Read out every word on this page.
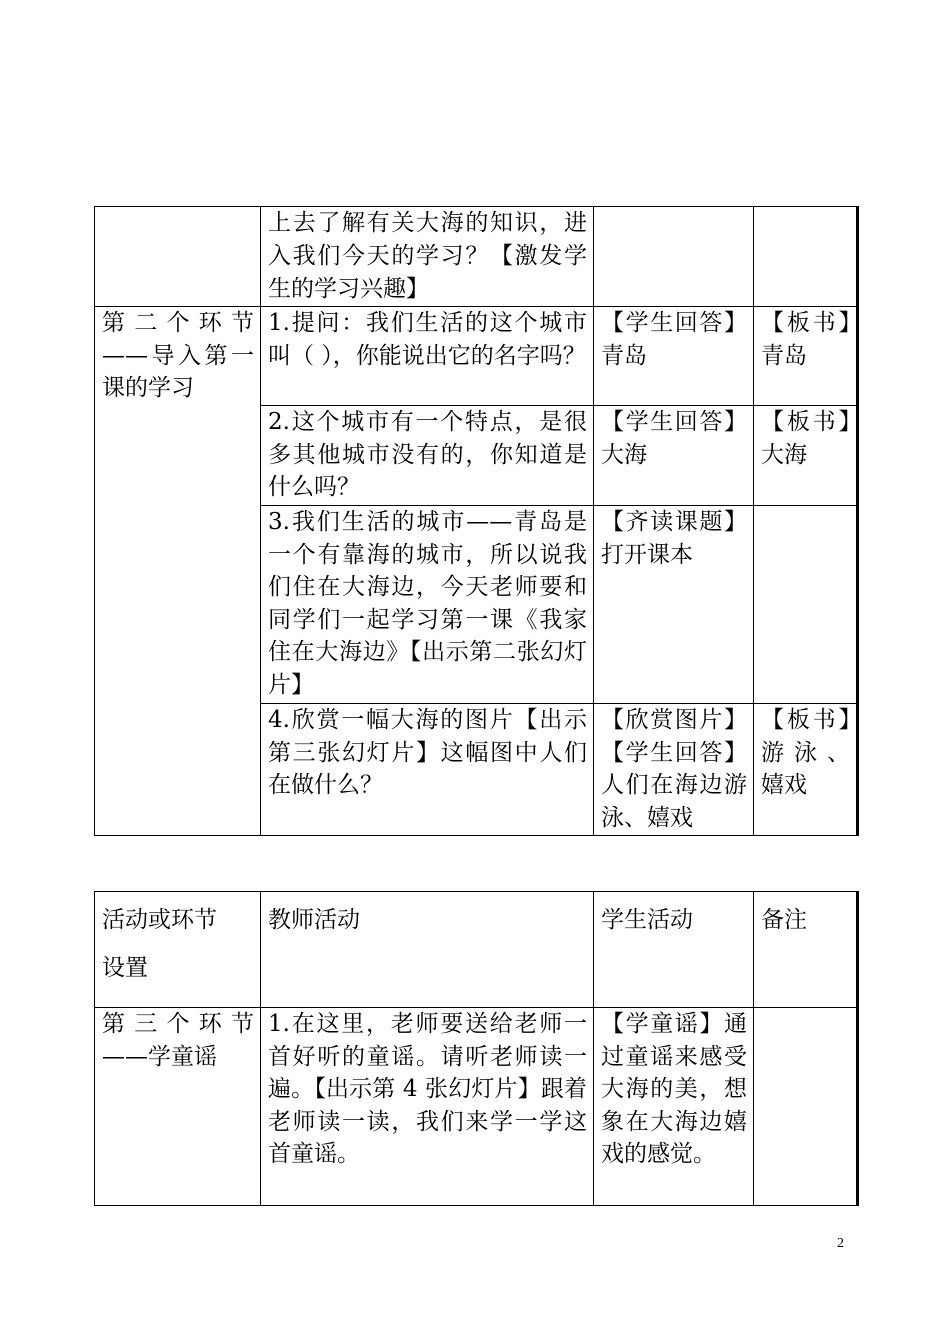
	上去了解有关大海的知识，进入我们今天的学习？【激发学生的学习兴趣】		
第二个环节——导入第一课的学习	1.提问：我们生活的这个城市叫（ ），你能说出它的名字吗？	【学生回答】青岛	【板书】青岛
	2.这个城市有一个特点，是很多其他城市没有的，你知道是什么吗？	【学生回答】大海	【板书】大海
	3.我们生活的城市——青岛是一个有靠海的城市，所以说我们住在大海边，今天老师要和同学们一起学习第一课《我家住在大海边》【出示第二张幻灯片】	【齐读课题】打开课本	
	4.欣赏一幅大海的图片【出示第三张幻灯片】这幅图中人们在做什么？	【欣赏图片】【学生回答】人们在海边游泳、嬉戏	【板书】游泳、嬉戏
活动或环节
设置	教师活动	学生活动	备注

第三个环节——学童谣	1.在这里，老师要送给老师一首好听的童谣。请听老师读一遍。【出示第 4 张幻灯片】跟着老师读一读，我们来学一学这首童谣。	【学童谣】通过童谣来感受大海的美，想象在大海边嬉戏的感觉。	
2
